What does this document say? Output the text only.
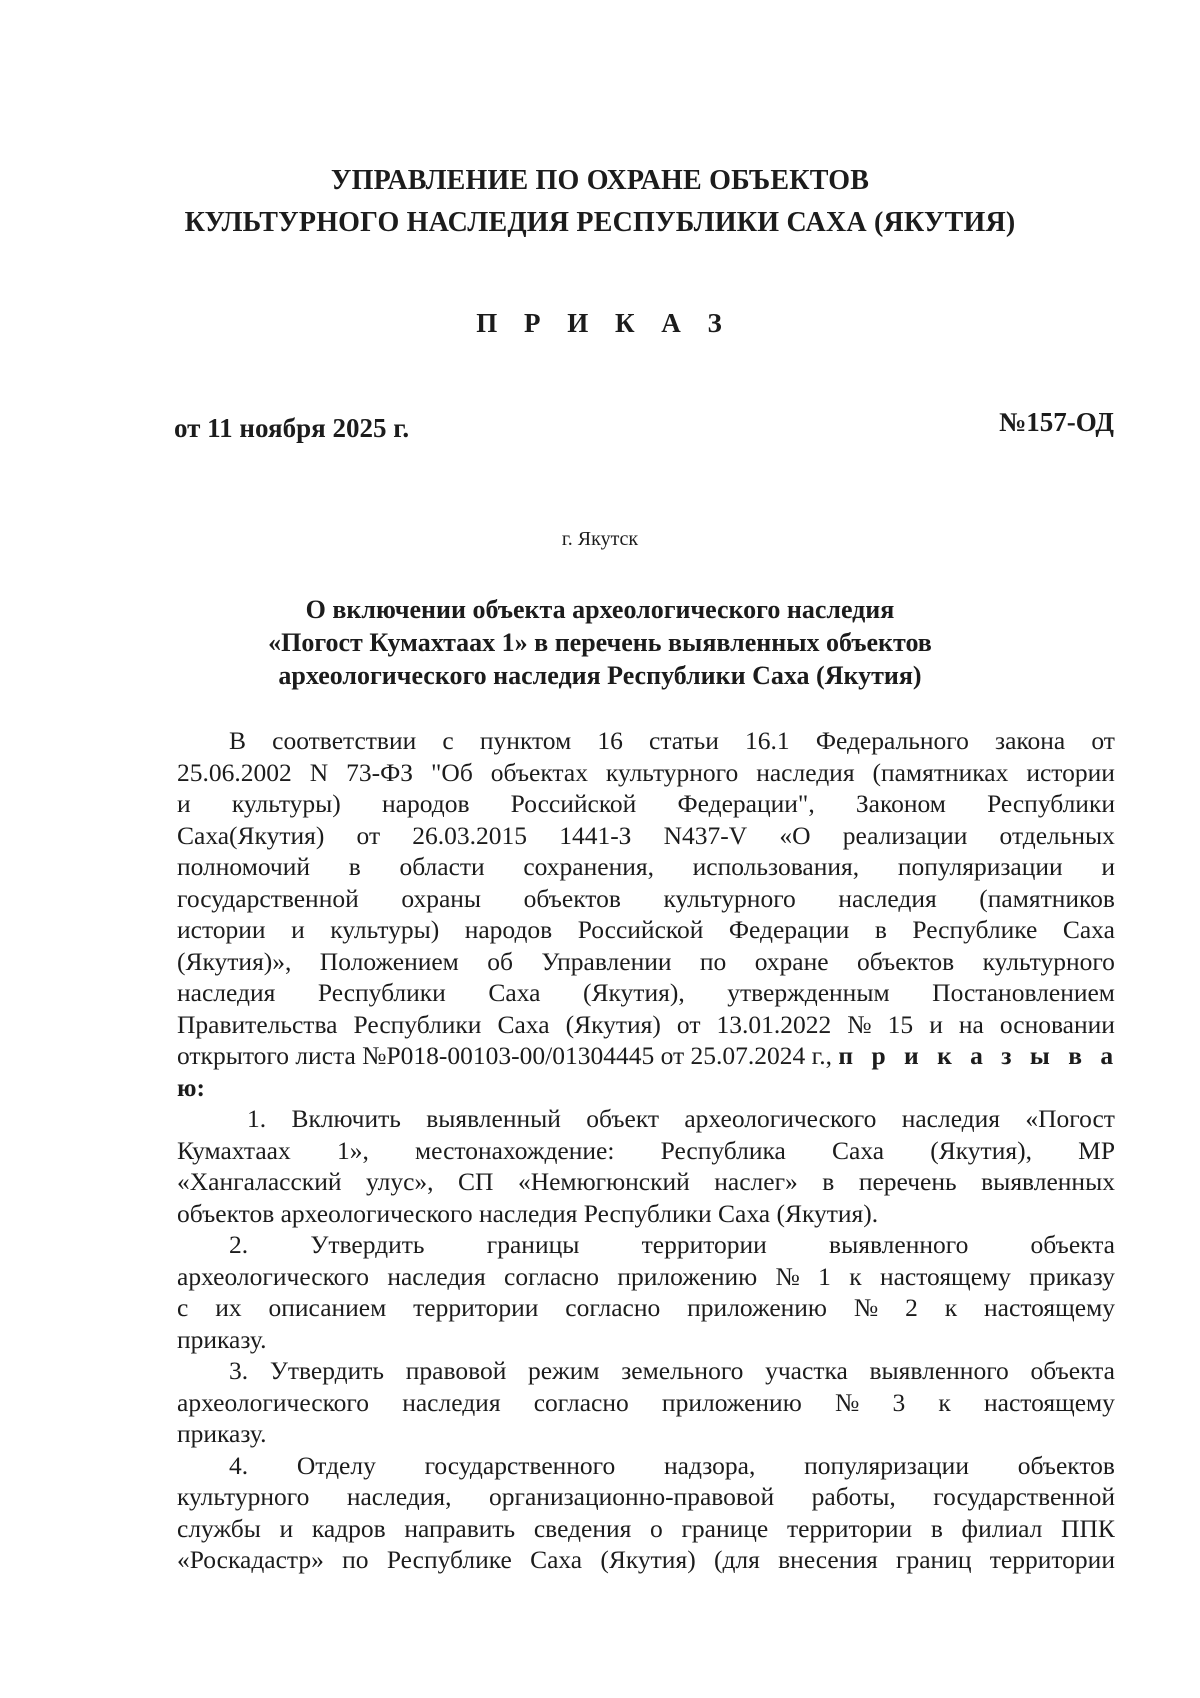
УПРАВЛЕНИЕ ПО ОХРАНЕ ОБЪЕКТОВ
КУЛЬТУРНОГО НАСЛЕДИЯ РЕСПУБЛИКИ САХА (ЯКУТИЯ)
П Р И К А З
от 11 ноября 2025 г.	№157-ОД
г. Якутск
О включении объекта археологического наследия
«Погост Кумахтаах 1» в перечень выявленных объектов
археологического наследия Республики Саха (Якутия)
В соответствии с пунктом 16 статьи 16.1 Федерального закона от
25.06.2002 N 73-ФЗ "Об объектах культурного наследия (памятниках истории
и культуры) народов Российской Федерации", Законом Республики
Саха(Якутия) от 26.03.2015 1441-З N437-V «О реализации отдельных
полномочий в области сохранения, использования, популяризации и
государственной охраны объектов культурного наследия (памятников
истории и культуры) народов Российской Федерации в Республике Саха
(Якутия)», Положением об Управлении по охране объектов культурного
наследия Республики Саха (Якутия), утвержденным Постановлением
Правительства Республики Саха (Якутия) от 13.01.2022 № 15 и на основании
открытого листа №Р018-00103-00/01304445 от 25.07.2024 г.,
п р и к а з ы в а
ю:
1. Включить выявленный объект археологического наследия «Погост
Кумахтаах 1», местонахождение: Республика Саха (Якутия), МР
«Хангаласский улус», СП «Немюгюнский наслег» в перечень выявленных
объектов археологического наследия Республики Саха (Якутия).
2. Утвердить границы территории выявленного объекта
археологического наследия согласно приложению № 1 к настоящему приказу
с их описанием территории согласно приложению № 2 к настоящему
приказу.
3. Утвердить правовой режим земельного участка выявленного объекта
археологического наследия согласно приложению № 3 к настоящему
приказу.
4. Отделу государственного надзора, популяризации объектов
культурного наследия, организационно-правовой работы, государственной
службы и кадров направить сведения о границе территории в филиал ППК
«Роскадастр» по Республике Саха (Якутия) (для внесения границ территории
